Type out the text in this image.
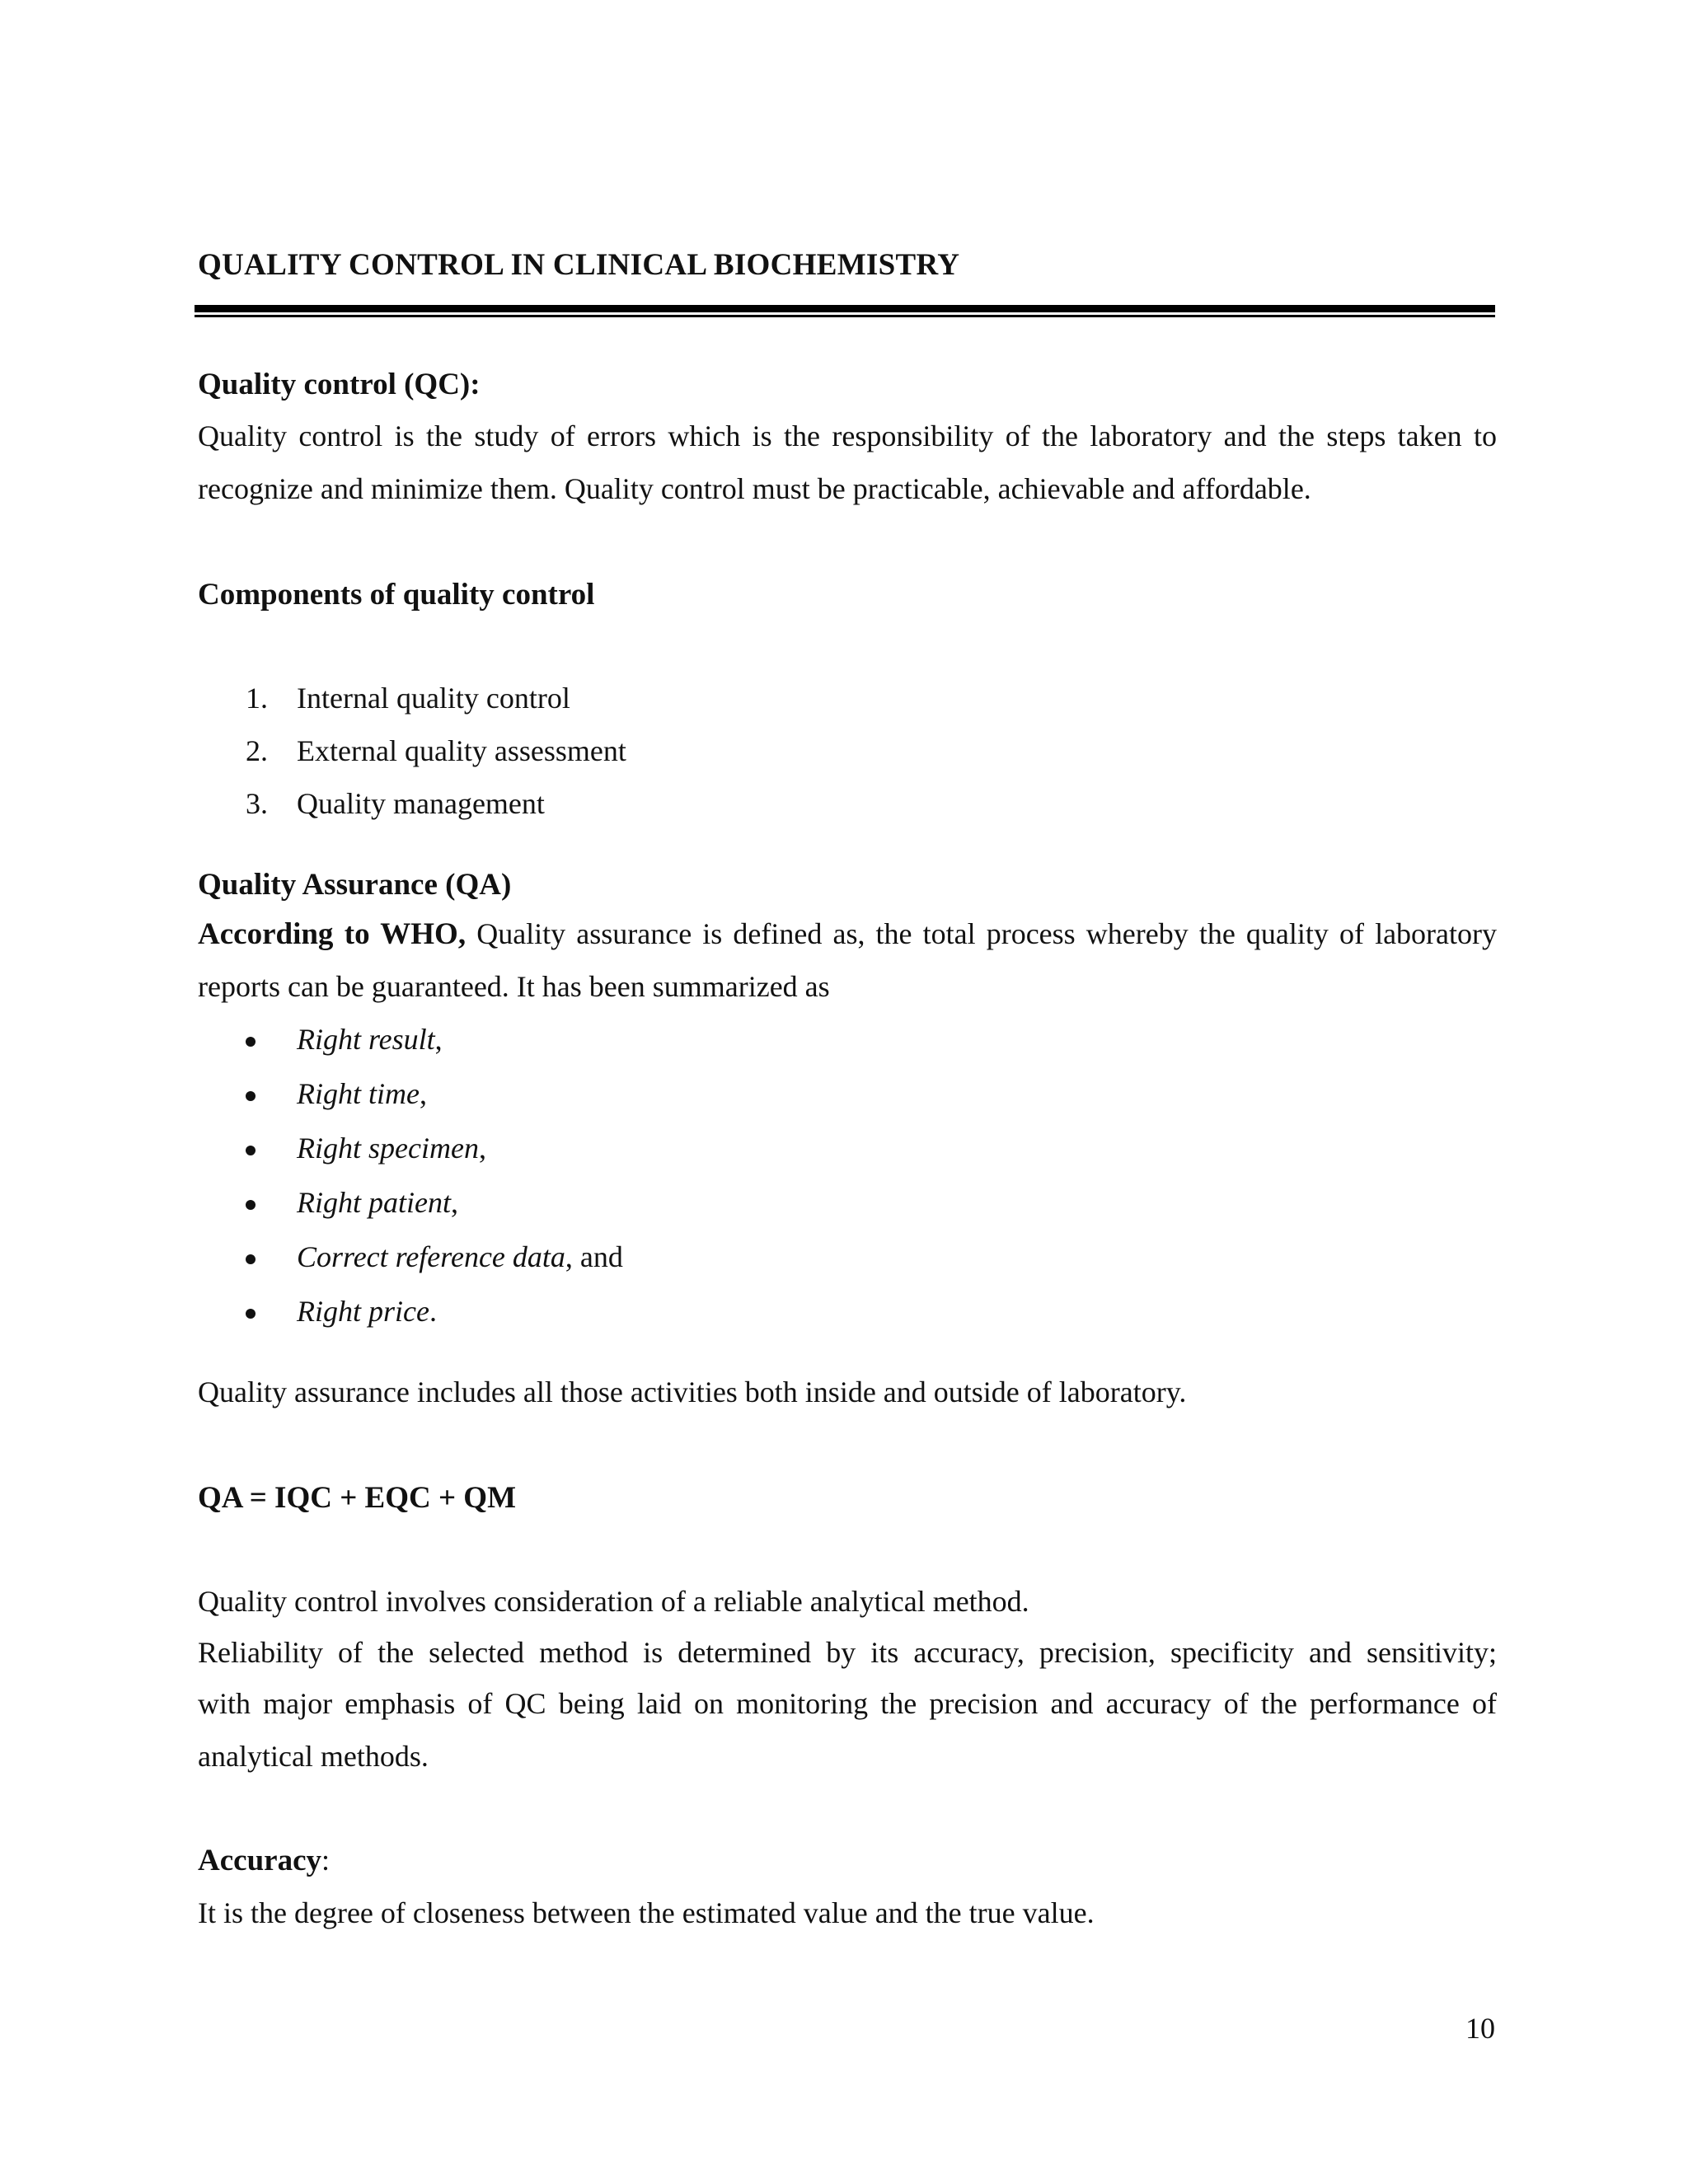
QUALITY CONTROL IN CLINICAL BIOCHEMISTRY
Quality control (QC):
Quality control is the study of errors which is the responsibility of the laboratory and the steps taken to
recognize and minimize them. Quality control must be practicable, achievable and affordable.
Components of quality control
1. Internal quality control
2. External quality assessment
3. Quality management
Quality Assurance (QA)
According to WHO, Quality assurance is defined as, the total process whereby the quality of laboratory
reports can be guaranteed. It has been summarized as
Right result,
Right time,
Right specimen,
Right patient,
Correct reference data, and
Right price.
Quality assurance includes all those activities both inside and outside of laboratory.
QA = IQC + EQC + QM
Quality control involves consideration of a reliable analytical method.
Reliability of the selected method is determined by its accuracy, precision, specificity and sensitivity;
with major emphasis of QC being laid on monitoring the precision and accuracy of the performance of
analytical methods.
Accuracy:
It is the degree of closeness between the estimated value and the true value.
10
